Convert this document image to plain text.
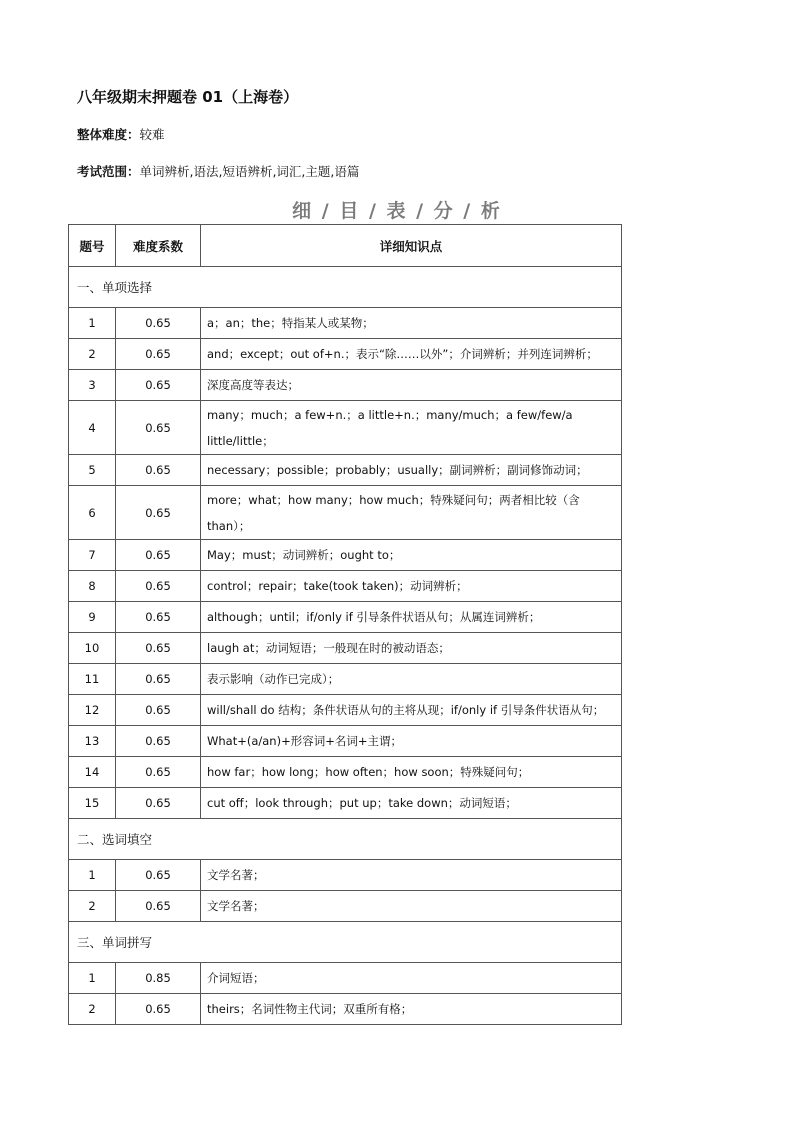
八年级期末押题卷 01（上海卷）
整体难度：较难
考试范围：单词辨析,语法,短语辨析,词汇,主题,语篇
细 / 目 / 表 / 分 / 析
题号	难度系数	详细知识点
一、单项选择		
1	0.65	a；an；the；特指某人或某物；
2	0.65	and；except；out of+n.；表示“除……以外”；介词辨析；并列连词辨析；
3	0.65	深度高度等表达；
4	0.65	many；much；a few+n.；a little+n.；many/much；a few/few/a little/little；
5	0.65	necessary；possible；probably；usually；副词辨析；副词修饰动词；
6	0.65	more；what；how many；how much；特殊疑问句；两者相比较（含than）；
7	0.65	May；must；动词辨析；ought to；
8	0.65	control；repair；take(took taken)；动词辨析；
9	0.65	although；until；if/only if 引导条件状语从句；从属连词辨析；
10	0.65	laugh at；动词短语；一般现在时的被动语态；
11	0.65	表示影响（动作已完成）；
12	0.65	will/shall do 结构；条件状语从句的主将从现；if/only if 引导条件状语从句；
13	0.65	What+(a/an)+形容词+名词+主谓；
14	0.65	how far；how long；how often；how soon；特殊疑问句；
15	0.65	cut off；look through；put up；take down；动词短语；
二、选词填空		
1	0.65	文学名著；
2	0.65	文学名著；
三、单词拼写		
1	0.85	介词短语；
2	0.65	theirs；名词性物主代词；双重所有格；
